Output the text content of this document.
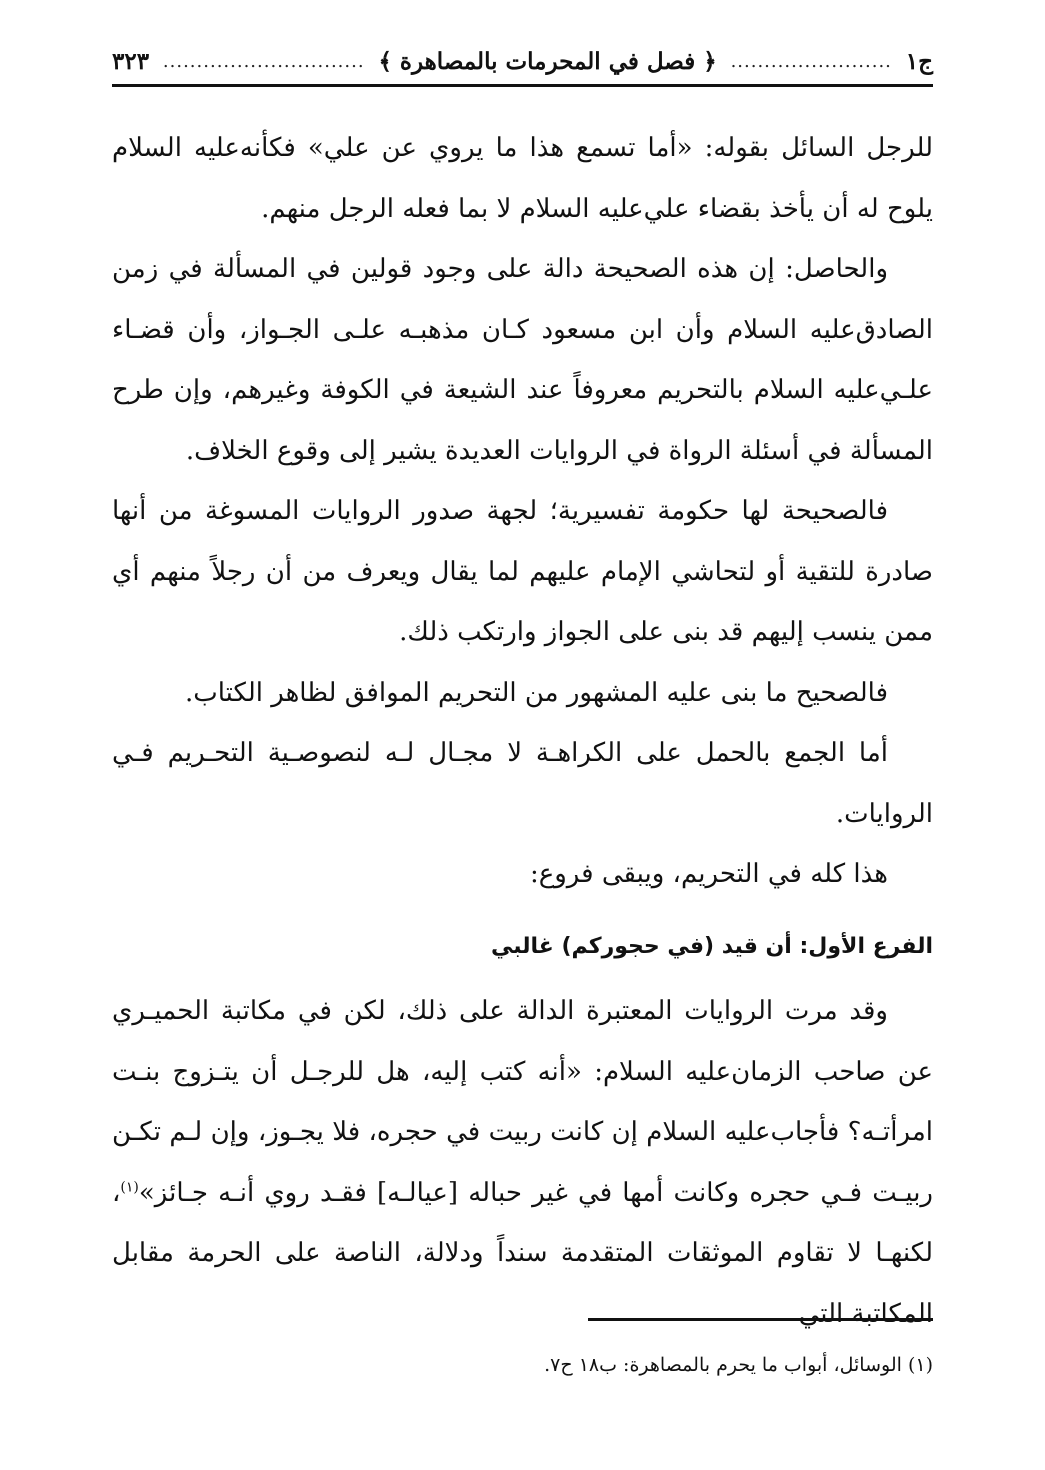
ج١
........................
﴿ فصل في المحرمات بالمصاهرة ﴾
..............................
٣٢٣

للرجل السائل بقوله: «أما تسمع هذا ما يروي عن علي» فكأنه‌عليه السلام يلوح له أن يأخذ بقضاء علي‌عليه السلام لا بما فعله الرجل منهم.

والحاصل: إن هذه الصحيحة دالة على وجود قولين في المسألة في زمن الصادق‌عليه السلام وأن ابن مسعود كـان مذهبـه علـى الجـواز، وأن قضـاء علـي‌عليه السلام بالتحريم معروفاً عند الشيعة في الكوفة وغيرهم، وإن طرح المسألة في أسئلة الرواة في الروايات العديدة يشير إلى وقوع الخلاف.

فالصحيحة لها حكومة تفسيرية؛ لجهة صدور الروايات المسوغة من أنها صادرة للتقية أو لتحاشي الإمام عليهم لما يقال ويعرف من أن رجلاً منهم أي ممن ينسب إليهم قد بنى على الجواز وارتكب ذلك.

فالصحيح ما بنى عليه المشهور من التحريم الموافق لظاهر الكتاب.

أما الجمع بالحمل على الكراهـة لا مجـال لـه لنصوصـية التحـريم فـي الروايات.

هذا كله في التحريم، ويبقى فروع:

الفرع الأول: أن قيد (في حجوركم) غالبي

وقد مرت الروايات المعتبرة الدالة على ذلك، لكن في مكاتبة الحميـري عن صاحب الزمان‌عليه السلام: «أنه كتب إليه، هل للرجـل أن يتـزوج بنـت امرأتـه؟ فأجاب‌عليه السلام إن كانت ربيت في حجره، فلا يجـوز، وإن لـم تكـن ربيـت فـي حجره وكانت أمها في غير حباله [عيالـه] فقـد روي أنـه جـائز»$^{(١)}$، لكنهـا لا تقاوم الموثقات المتقدمة سنداً ودلالة، الناصة على الحرمة مقابل المكاتبة التي

(١) الوسائل، أبواب ما يحرم بالمصاهرة: ب١٨ ح٧.
